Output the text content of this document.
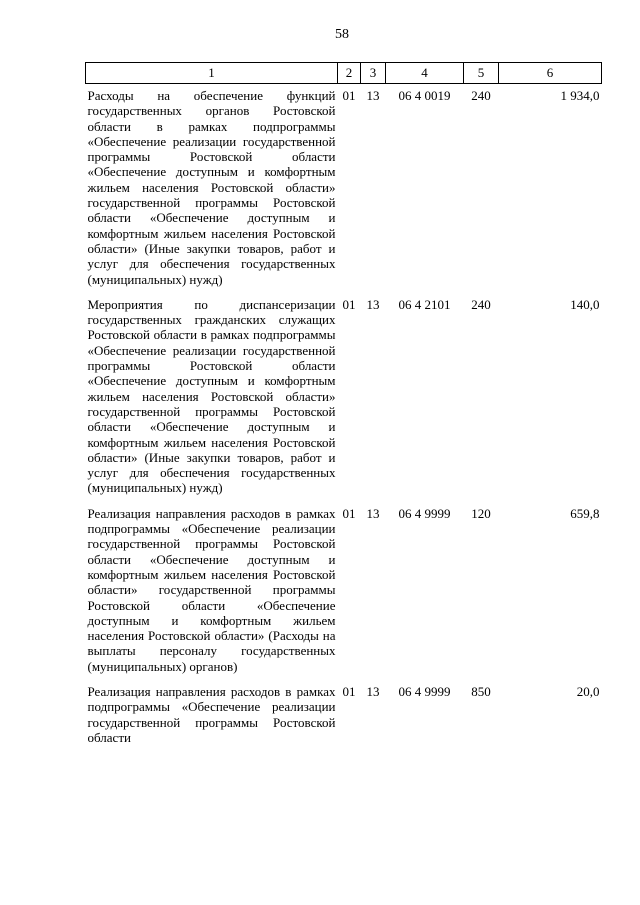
58
1	2	3	4	5	6
Расходы на обеспечение функций государственных органов Ростовской области в рамках подпрограммы «Обеспечение реализации государственной программы Ростовской области «Обеспечение доступным и комфортным жильем населения Ростовской области» государственной программы Ростовской области «Обеспечение доступным и комфортным жильем населения Ростовской области» (Иные закупки товаров, работ и услуг для обеспечения государственных (муниципальных) нужд)	01	13	06 4 0019	240	1 934,0
Мероприятия по диспансеризации государственных гражданских служащих Ростовской области в рамках подпрограммы «Обеспечение реализации государственной программы Ростовской области «Обеспечение доступным и комфортным жильем населения Ростовской области» государственной программы Ростовской области «Обеспечение доступным и комфортным жильем населения Ростовской области» (Иные закупки товаров, работ и услуг для обеспечения государственных (муниципальных) нужд)	01	13	06 4 2101	240	140,0
Реализация направления расходов в рамках подпрограммы «Обеспечение реализации государственной программы Ростовской области «Обеспечение доступным и комфортным жильем населения Ростовской области» государственной программы Ростовской области «Обеспечение доступным и комфортным жильем населения Ростовской области» (Расходы на выплаты персоналу государственных (муниципальных) органов)	01	13	06 4 9999	120	659,8
Реализация направления расходов в рамках подпрограммы «Обеспечение реализации государственной программы Ростовской области	01	13	06 4 9999	850	20,0
